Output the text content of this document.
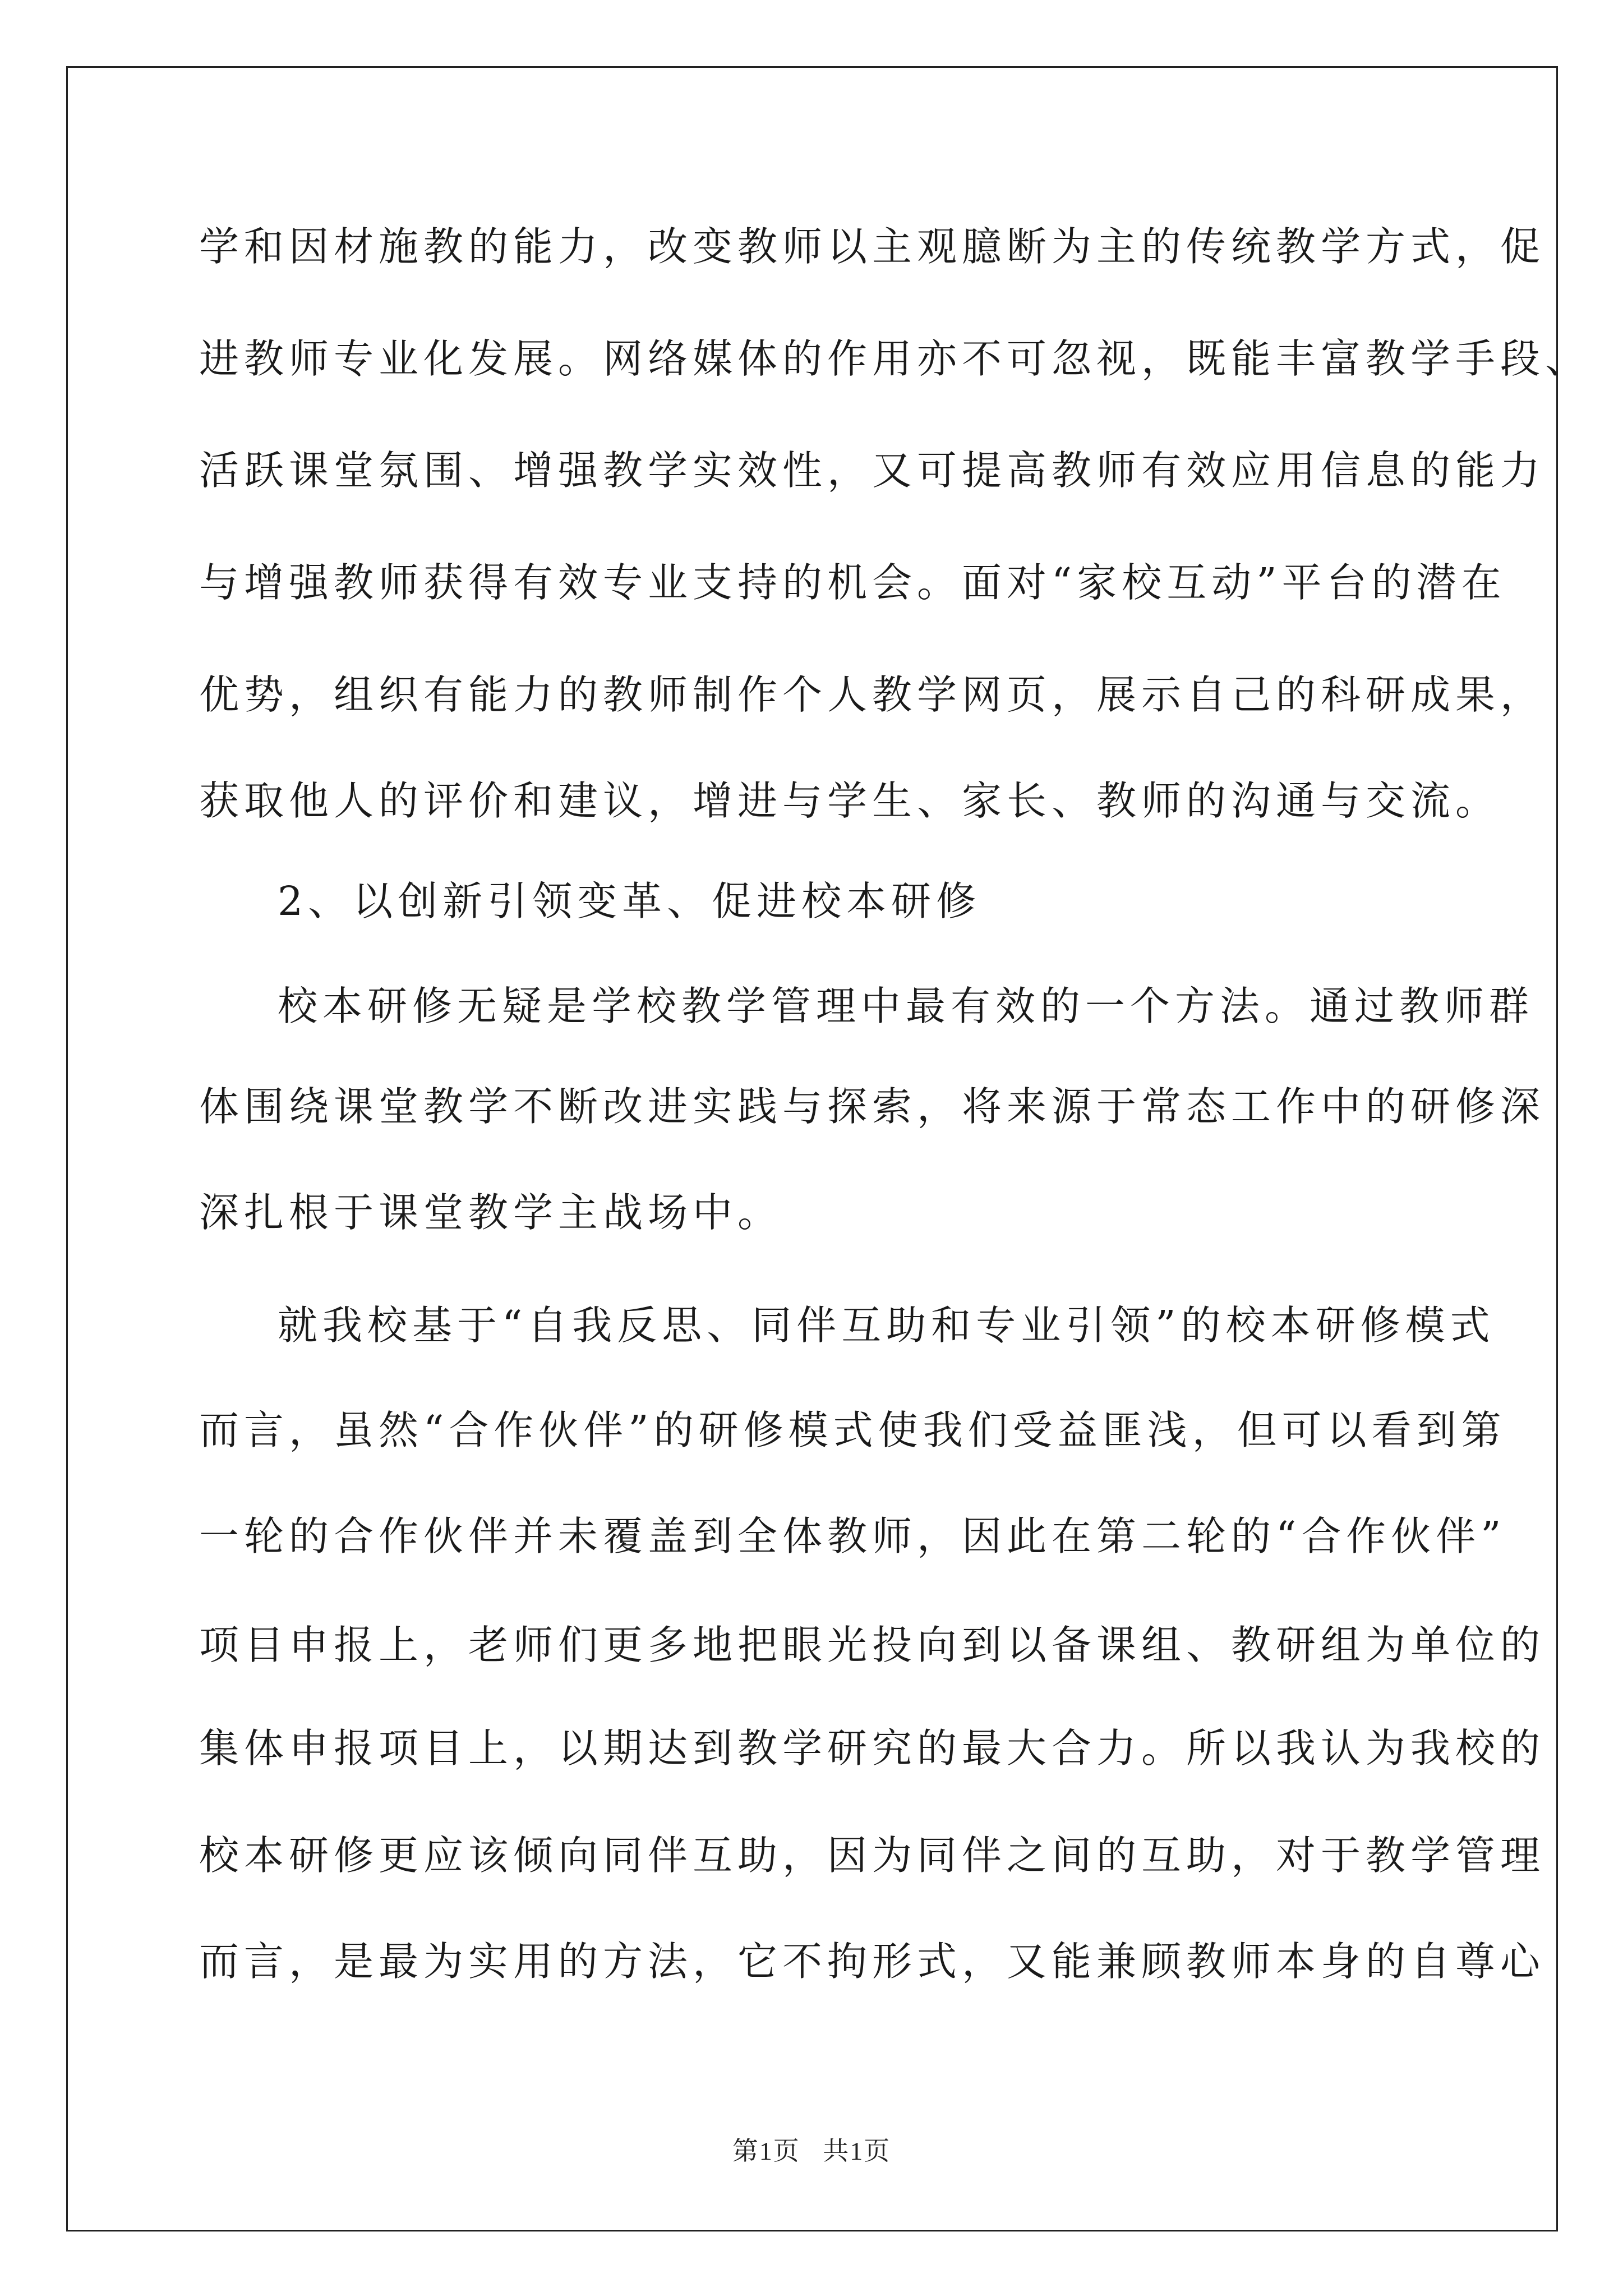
学和因材施教的能力，改变教师以主观臆断为主的传统教学方式，促

进教师专业化发展。网络媒体的作用亦不可忽视，既能丰富教学手段、

活跃课堂氛围、增强教学实效性，又可提高教师有效应用信息的能力

与增强教师获得有效专业支持的机会。面对“家校互动”平台的潜在

优势，组织有能力的教师制作个人教学网页，展示自己的科研成果，

获取他人的评价和建议，增进与学生、家长、教师的沟通与交流。

2、以创新引领变革、促进校本研修

校本研修无疑是学校教学管理中最有效的一个方法。通过教师群

体围绕课堂教学不断改进实践与探索，将来源于常态工作中的研修深

深扎根于课堂教学主战场中。

就我校基于“自我反思、同伴互助和专业引领”的校本研修模式

而言，虽然“合作伙伴”的研修模式使我们受益匪浅，但可以看到第

一轮的合作伙伴并未覆盖到全体教师，因此在第二轮的“合作伙伴”

项目申报上，老师们更多地把眼光投向到以备课组、教研组为单位的

集体申报项目上，以期达到教学研究的最大合力。所以我认为我校的

校本研修更应该倾向同伴互助，因为同伴之间的互助，对于教学管理

而言，是最为实用的方法，它不拘形式，又能兼顾教师本身的自尊心

第1页   共1页
